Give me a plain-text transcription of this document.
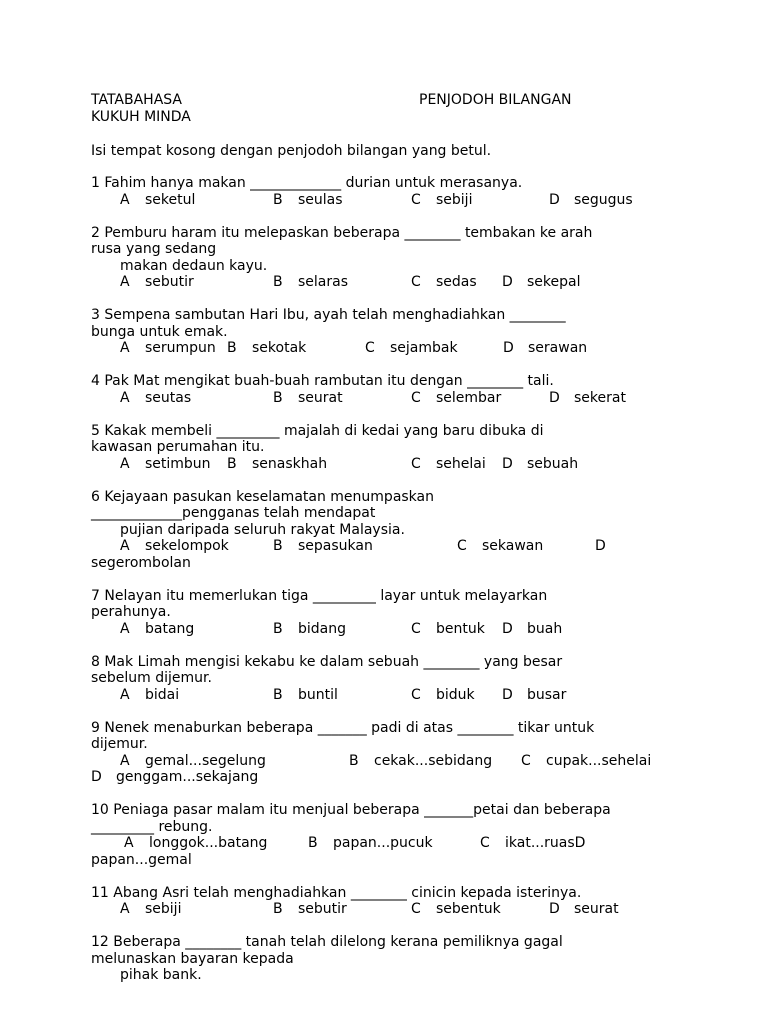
TATABAHASA	PENJODOH BILANGAN
KUKUH MINDA
Isi tempat kosong dengan penjodoh bilangan yang betul.
1 Fahim hanya makan _____________ durian untuk merasanya.
A seketul	B seulas	C sebiji	D segugus
2 Pemburu haram itu melepaskan beberapa ________ tembakan ke arah
rusa yang sedang
makan dedaun kayu.
A sebutir	B selaras	C sedas	D sekepal
3 Sempena sambutan Hari Ibu, ayah telah menghadiahkan ________
bunga untuk emak.
A serumpun B sekotak	C sejambak	D serawan
4 Pak Mat mengikat buah-buah rambutan itu dengan ________ tali.
A seutas	B seurat	C selembar	D sekerat
5 Kakak membeli _________ majalah di kedai yang baru dibuka di
kawasan perumahan itu.
A setimbun	B senaskhah	C sehelai	D sebuah
6 Kejayaan pasukan keselamatan menumpaskan
_____________pengganas telah mendapat
pujian daripada seluruh rakyat Malaysia.
A sekelompok	B sepasukan	C sekawan	D
segerombolan
7 Nelayan itu memerlukan tiga _________ layar untuk melayarkan
perahunya.
A batang	B bidang	C bentuk	D buah
8 Mak Limah mengisi kekabu ke dalam sebuah ________ yang besar
sebelum dijemur.
A bidai	B buntil	C biduk	D busar
9 Nenek menaburkan beberapa _______ padi di atas ________ tikar untuk
dijemur.
A gemal...segelung	B cekak...sebidang	C cupak...sehelai
D genggam...sekajang
10 Peniaga pasar malam itu menjual beberapa _______petai dan beberapa
_________ rebung.
A longgok...batang	B papan...pucuk	C ikat...ruas D
papan...gemal
11 Abang Asri telah menghadiahkan ________ cinicin kepada isterinya.
A sebiji	B sebutir	C sebentuk	D seurat
12 Beberapa ________ tanah telah dilelong kerana pemiliknya gagal
melunaskan bayaran kepada
pihak bank.
